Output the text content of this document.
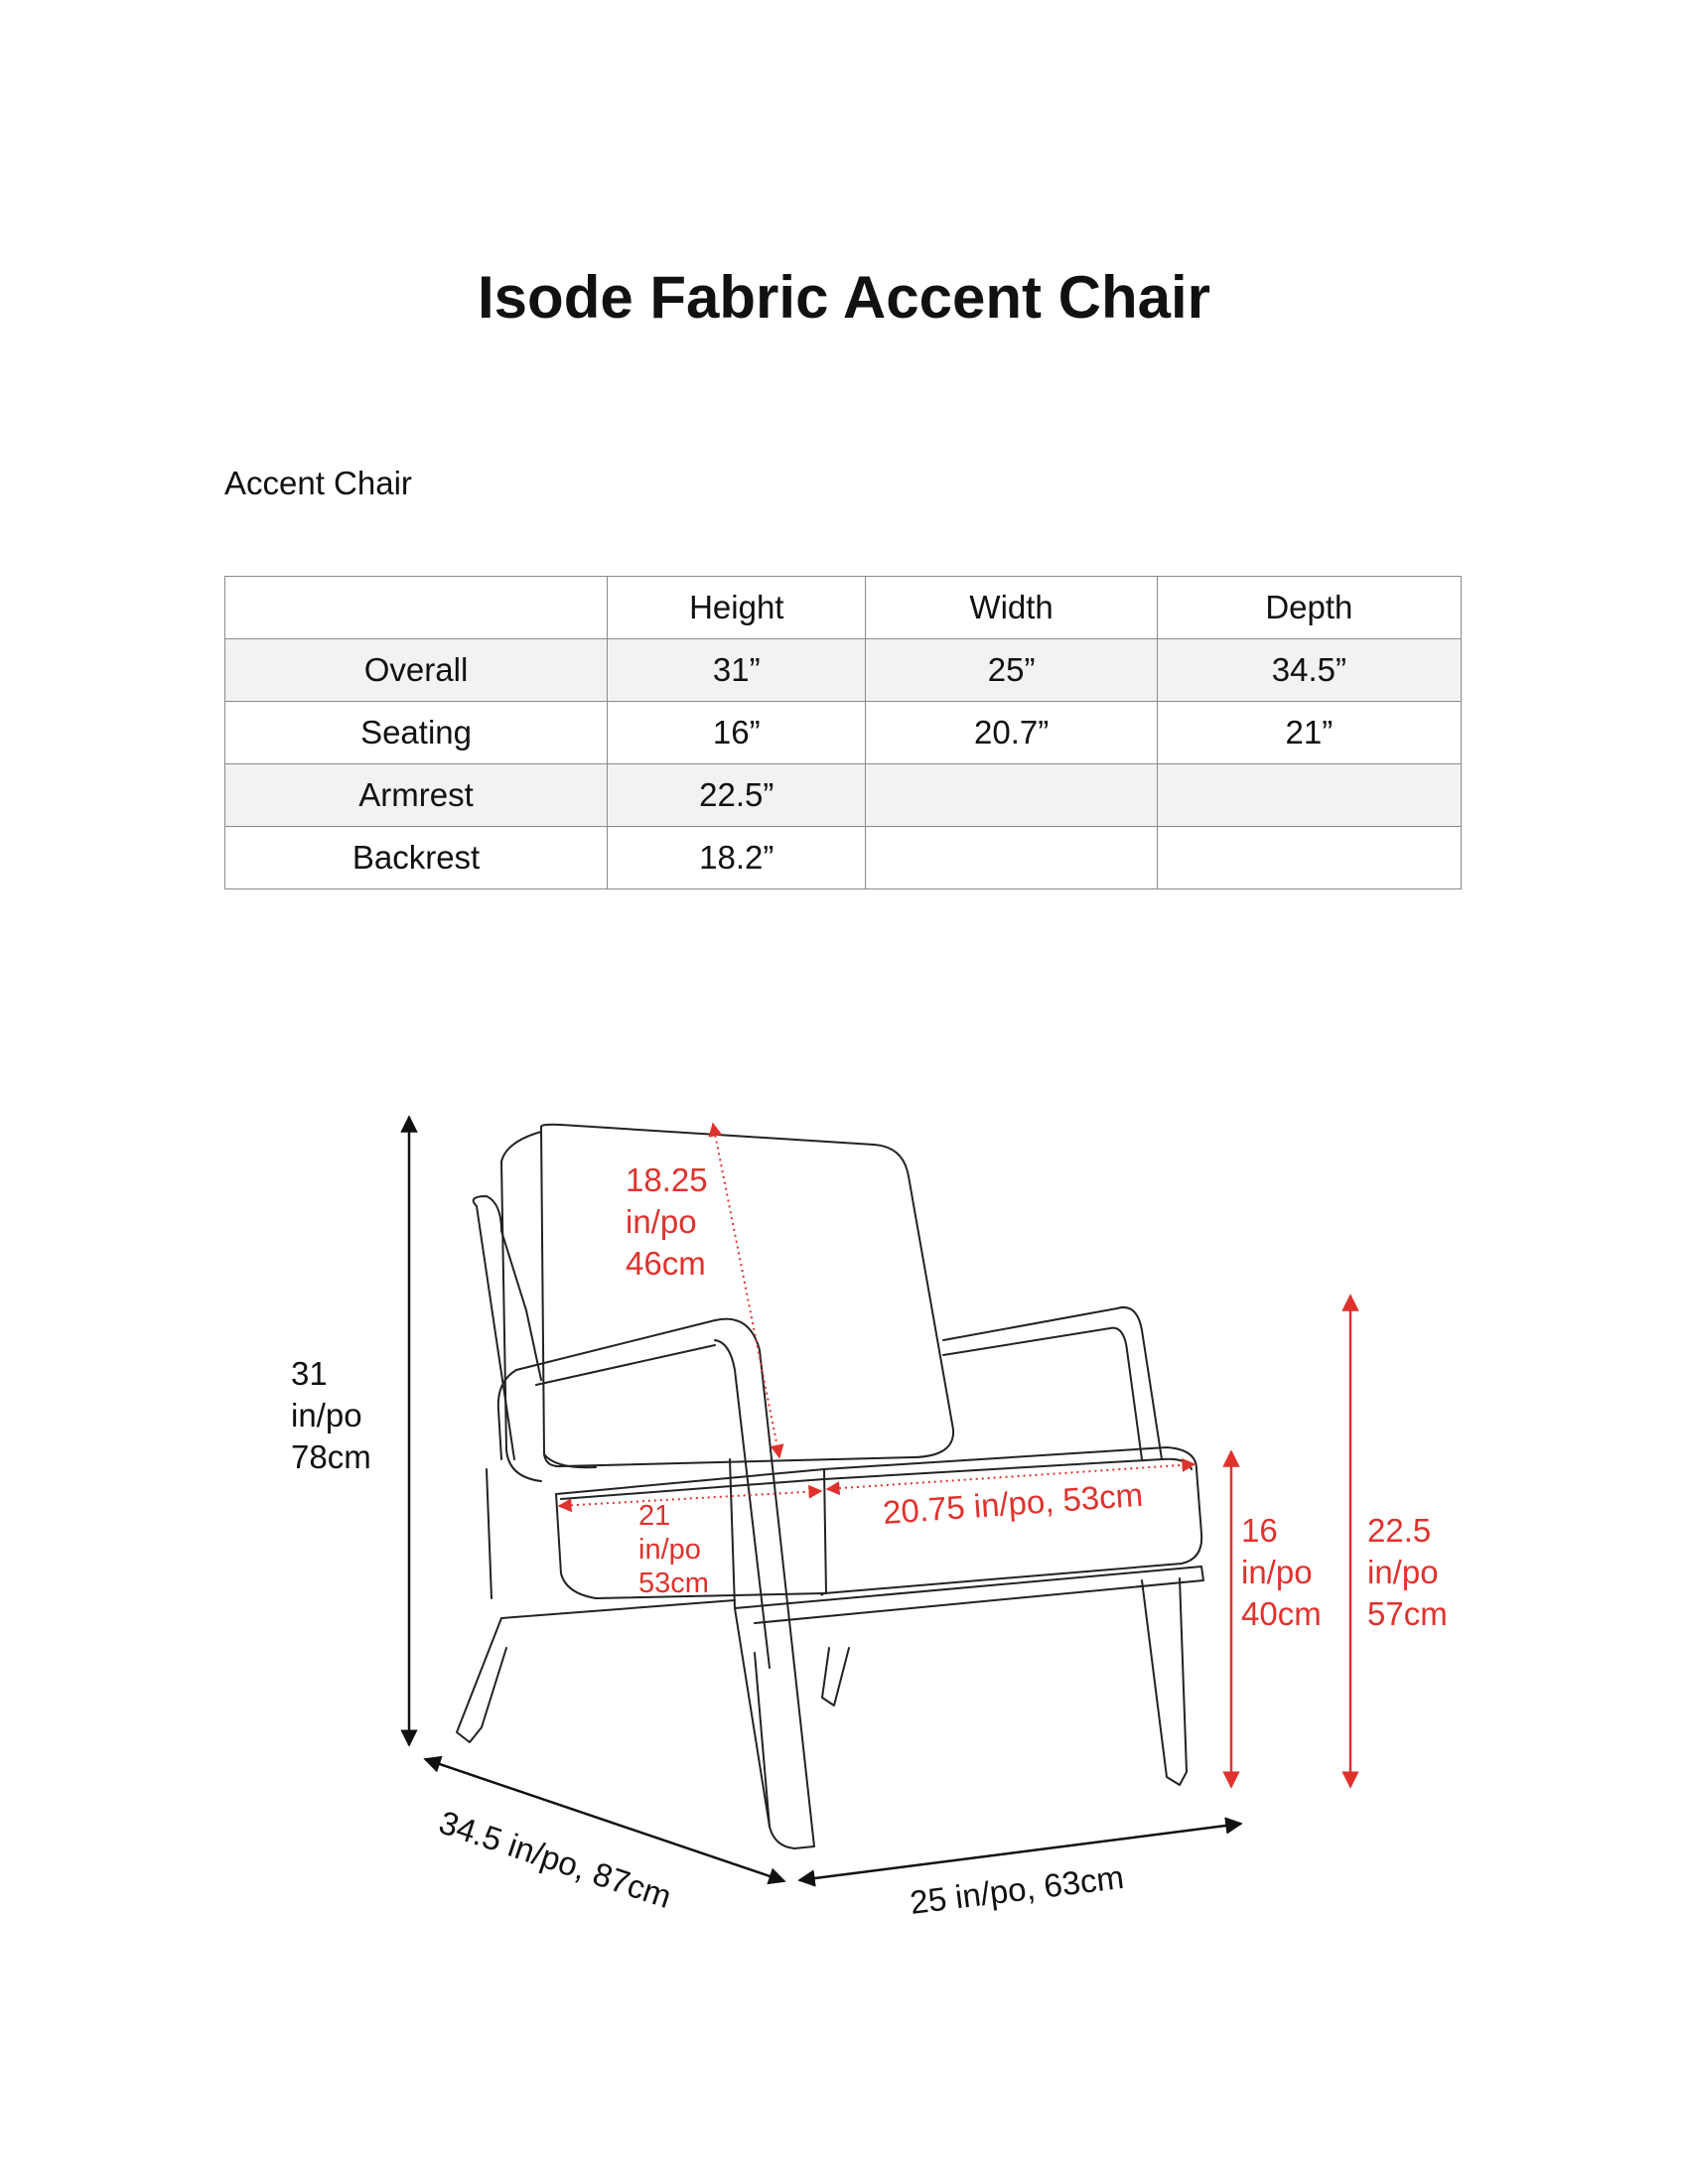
Isode Fabric Accent Chair

Accent Chair

	Height	Width	Depth
Overall	31”	25”	34.5”
Seating	16”	20.7”	21”
Armrest	22.5”		
Backrest	18.2”		
31
in/po
78cm
18.25
in/po
46cm
21
in/po
53cm
20.75 in/po, 53cm	16
in/po
40cm
22.5
in/po
57cm
34.5 in/po, 87cm	25 in/po, 63cm
